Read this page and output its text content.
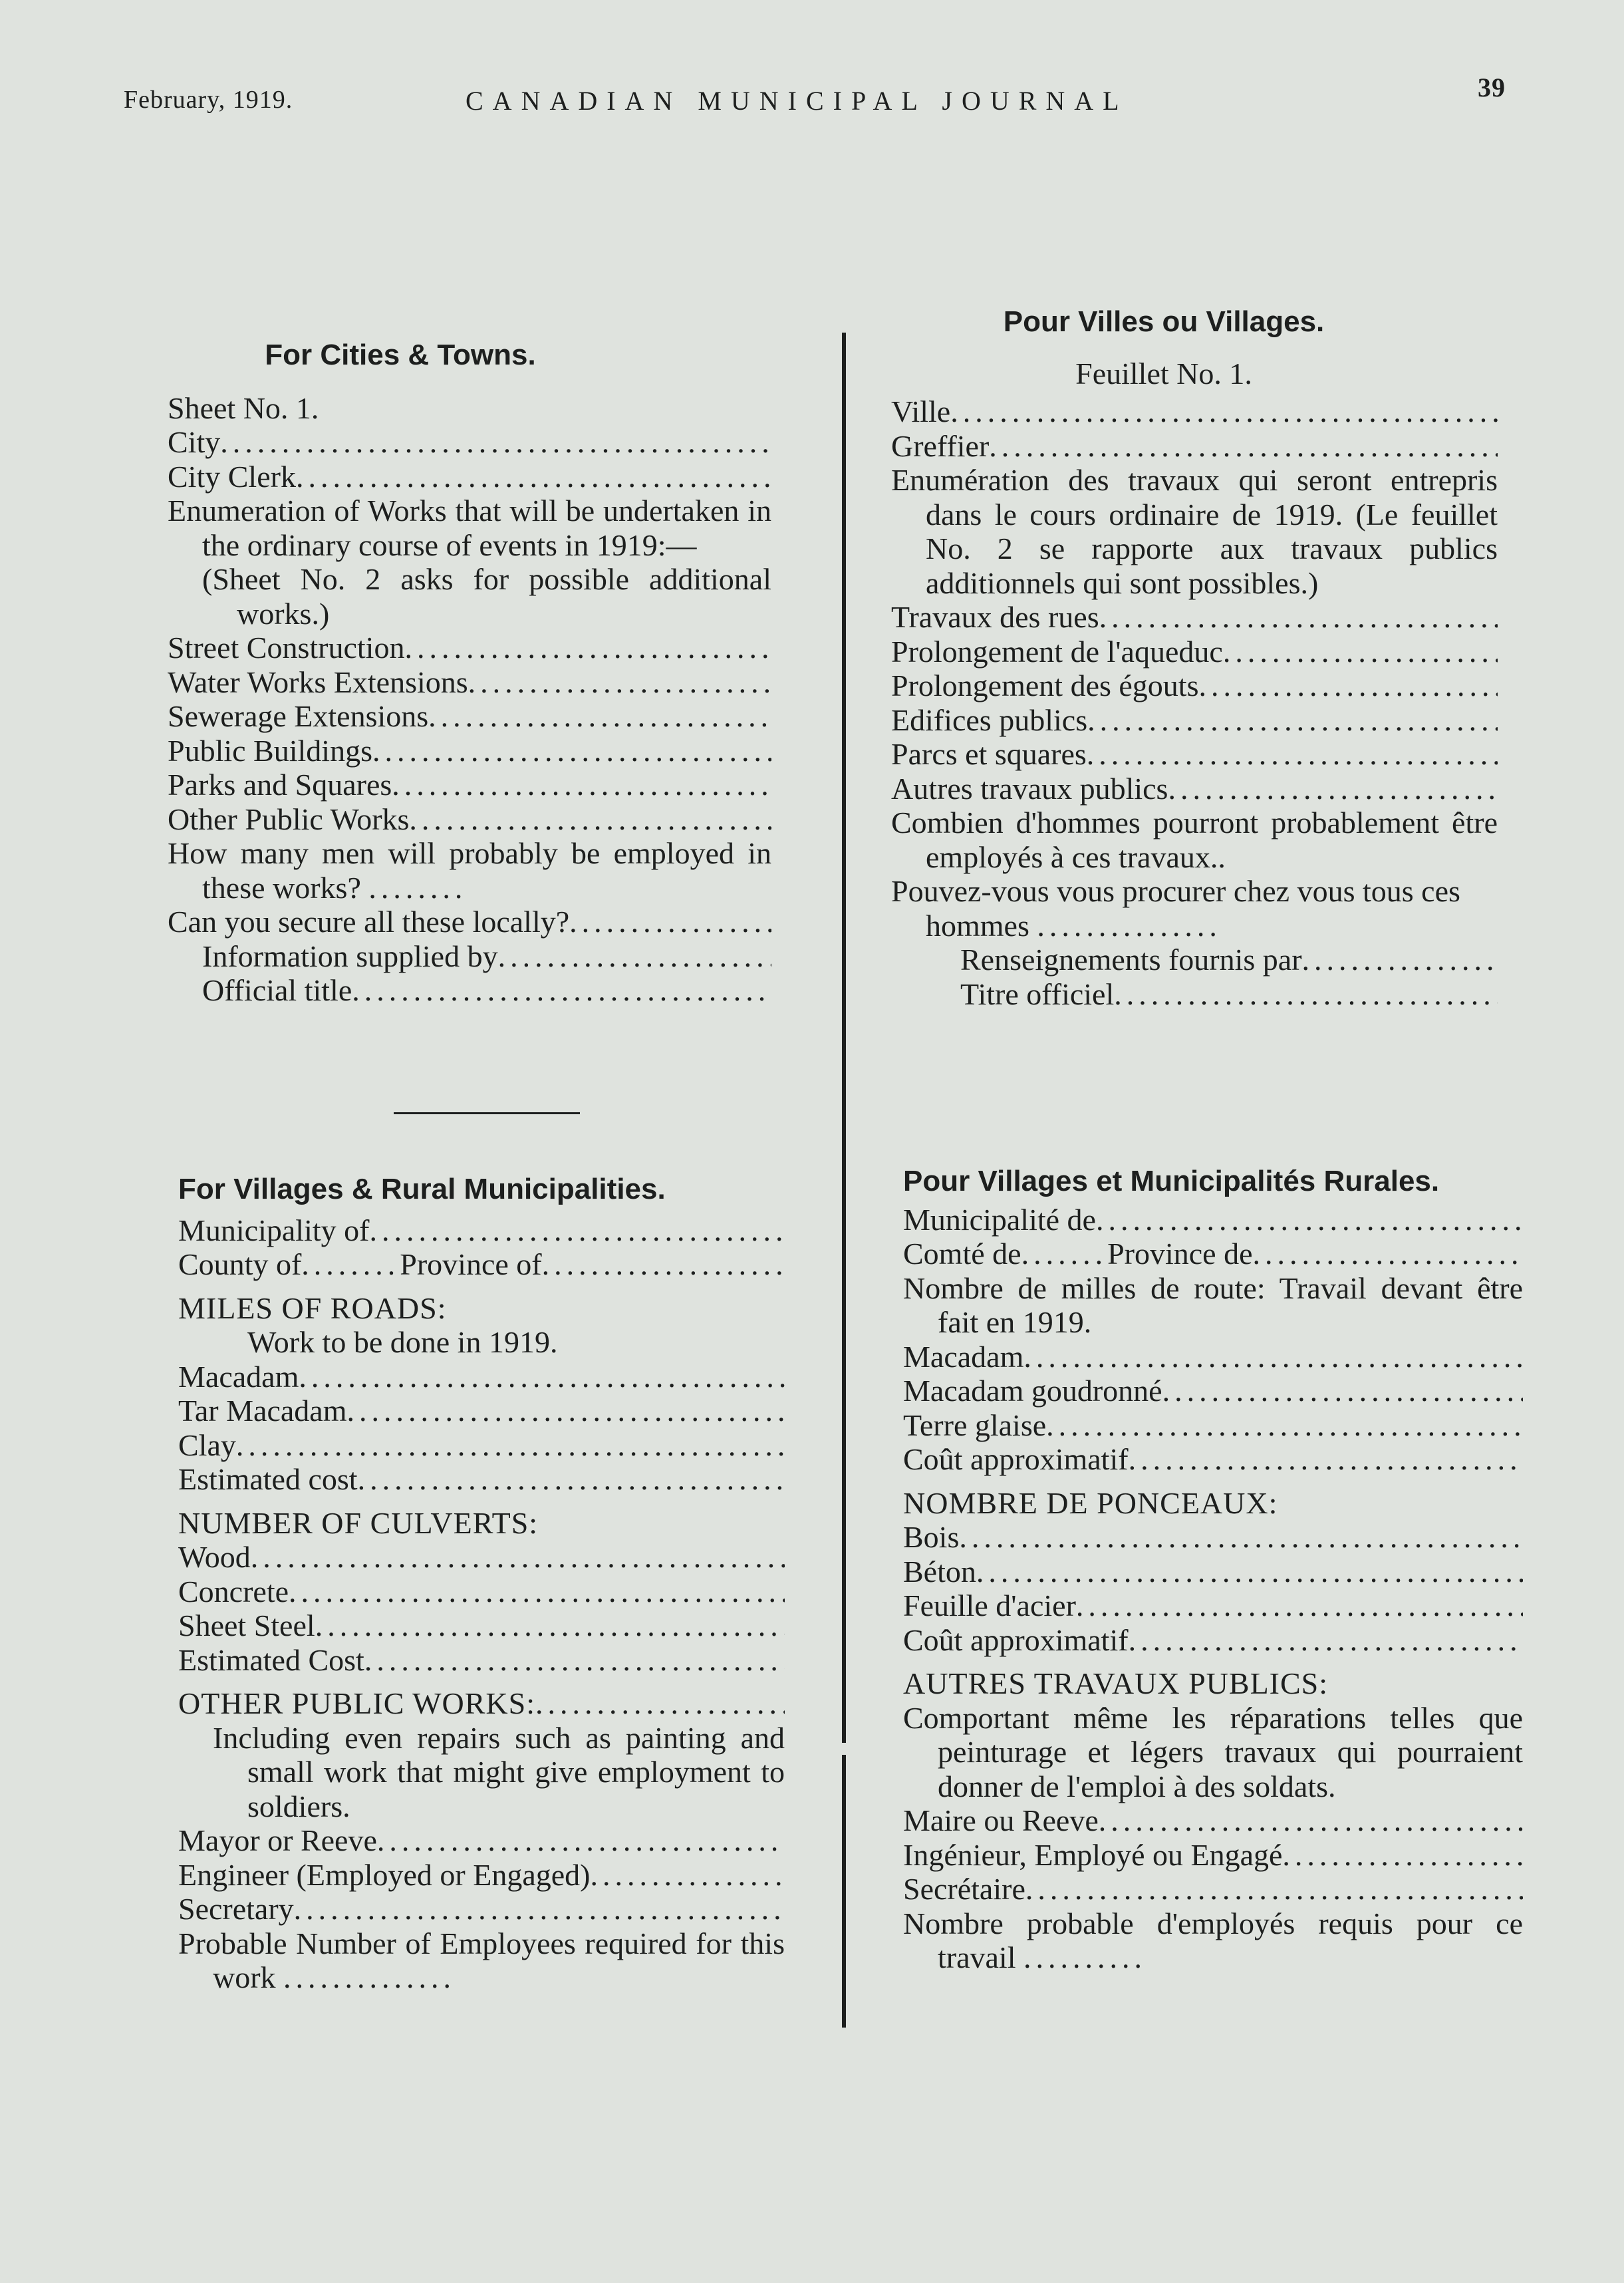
February, 1919.	CANADIAN MUNICIPAL JOURNAL	39
For Cities & Towns.
Sheet No. 1.
City
.....
City Clerk
.....
Enumeration of Works that will be undertaken in the ordinary course of events in 1919:—
(Sheet No. 2 asks for possible additional works.)
Street Construction
.....
Water Works Extensions
.....
Sewerage Extensions
.....
Public Buildings
.....
Parks and Squares
.....
Other Public Works
.....
How many men will probably be employed in these works? ........
Can you secure all these locally?
.....
Information supplied by
.....
Official title
.....
For Villages & Rural Municipalities.
Municipality of
.....
County of ........ Province of
.....
MILES OF ROADS:
Work to be done in 1919.
Macadam
.....
Tar Macadam
.....
Clay
.....
Estimated cost
.....
NUMBER OF CULVERTS:
Wood
.....
Concrete
.....
Sheet Steel
.....
Estimated Cost
.....
OTHER PUBLIC WORKS:
.....
Including even repairs such as painting and small work that might give employment to soldiers.
Mayor or Reeve
.....
Engineer (Employed or Engaged)
.....
Secretary
.....
Probable Number of Employees required for this work ..............
Pour Villes ou Villages.
Feuillet No. 1.
Ville
.....
Greffier
.....
Enumération des travaux qui seront entrepris dans le cours ordinaire de 1919. (Le feuillet No. 2 se rapporte aux travaux publics additionnels qui sont possibles.)
Travaux des rues
.....
Prolongement de l'aqueduc
.....
Prolongement des égouts
.....
Edifices publics
.....
Parcs et squares
.....
Autres travaux publics
.....
Combien d'hommes pourront probablement être employés à ces travaux..
Pouvez-vous vous procurer chez vous tous ces hommes ...............
Renseignements fournis par
.....
Titre officiel
.....
Pour Villages et Municipalités Rurales.
Municipalité de
.....
Comté de ....... Province de
.....
Nombre de milles de route: Travail devant être fait en 1919.
Macadam
.....
Macadam goudronné
.....
Terre glaise
.....
Coût approximatif
.....
NOMBRE DE PONCEAUX:
Bois
.....
Béton
.....
Feuille d'acier
.....
Coût approximatif
.....
AUTRES TRAVAUX PUBLICS:
Comportant même les réparations telles que peinturage et légers travaux qui pourraient donner de l'emploi à des soldats.
Maire ou Reeve
.....
Ingénieur, Employé ou Engagé
.....
Secrétaire
.....
Nombre probable d'employés requis pour ce travail ..........
